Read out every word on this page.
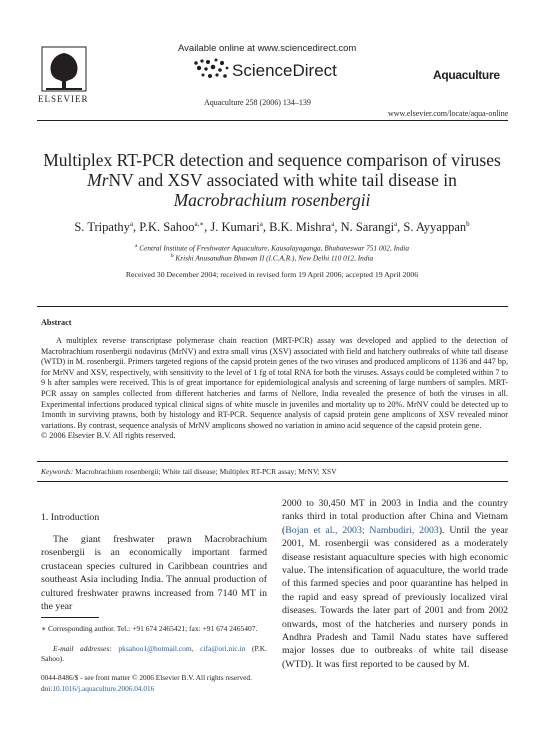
ELSEVIER
Available online at www.sciencedirect.com
ScienceDirect
Aquaculture 258 (2006) 134–139
Aquaculture
www.elsevier.com/locate/aqua-online
Multiplex RT-PCR detection and sequence comparison of viruses
MrNV and XSV associated with white tail disease in
Macrobrachium rosenbergii
S. Tripathy$^a$, P.K. Sahoo$^{a,∗}$, J. Kumari$^a$, B.K. Mishra$^a$, N. Sarangi$^a$, S. Ayyappan$^b$
$^a$ Central Institute of Freshwater Aquaculture, Kausalayaganga, Bhubaneswar 751 002, India
$^b$ Krishi Anusandhan Bhawan II (I.C.A.R.), New Delhi 110 012, India
Received 30 December 2004; received in revised form 19 April 2006; accepted 19 April 2006
Abstract
A multiplex reverse transcriptase polymerase chain reaction (MRT-PCR) assay was developed and applied to the detection of Macrobrachium rosenbergii nodavirus (MrNV) and extra small virus (XSV) associated with field and hatchery outbreaks of white tail disease (WTD) in M. rosenbergii. Primers targeted regions of the capsid protein genes of the two viruses and produced amplicons of 1136 and 447 bp, for MrNV and XSV, respectively, with sensitivity to the level of 1 fg of total RNA for both the viruses. Assays could be completed within 7 to 9 h after samples were received. This is of great importance for epidemiological analysis and screening of large numbers of samples. MRT-PCR assay on samples collected from different hatcheries and farms of Nellore, India revealed the presence of both the viruses in all. Experimental infections produced typical clinical signs of white muscle in juveniles and mortality up to 20%. MrNV could be detected up to 1month in surviving prawns, both by histology and RT-PCR. Sequence analysis of capsid protein gene amplicons of XSV revealed minor variations. By contrast, sequence analysis of MrNV amplicons showed no variation in amino acid sequence of the capsid protein gene.
© 2006 Elsevier B.V. All rights reserved.
Keywords: Macrobrachium rosenbergii; White tail disease; Multiplex RT-PCR assay; MrNV; XSV
1. Introduction
The giant freshwater prawn Macrobrachium rosenbergii is an economically important farmed crustacean species cultured in Caribbean countries and southeast Asia including India. The annual production of cultured freshwater prawns increased from 7140 MT in the year
∗ Corresponding author. Tel.: +91 674 2465421; fax: +91 674 2465407.
E-mail addresses: pksahoo1@hotmail.com, cifa@ori.nic.in (P.K. Sahoo).
0044-8486/$ - see front matter © 2006 Elsevier B.V. All rights reserved.
doi:10.1016/j.aquaculture.2006.04.016
2000 to 30,450 MT in 2003 in India and the country ranks third in total production after China and Vietnam (Bojan et al., 2003; Nambudiri, 2003). Until the year 2001, M. rosenbergii was considered as a moderately disease resistant aquaculture species with high economic value. The intensification of aquaculture, the world trade of this farmed species and poor quarantine has helped in the rapid and easy spread of previously localized viral diseases. Towards the later part of 2001 and from 2002 onwards, most of the hatcheries and nursery ponds in Andhra Pradesh and Tamil Nadu states have suffered major losses due to outbreaks of white tail disease (WTD). It was first reported to be caused by M.
